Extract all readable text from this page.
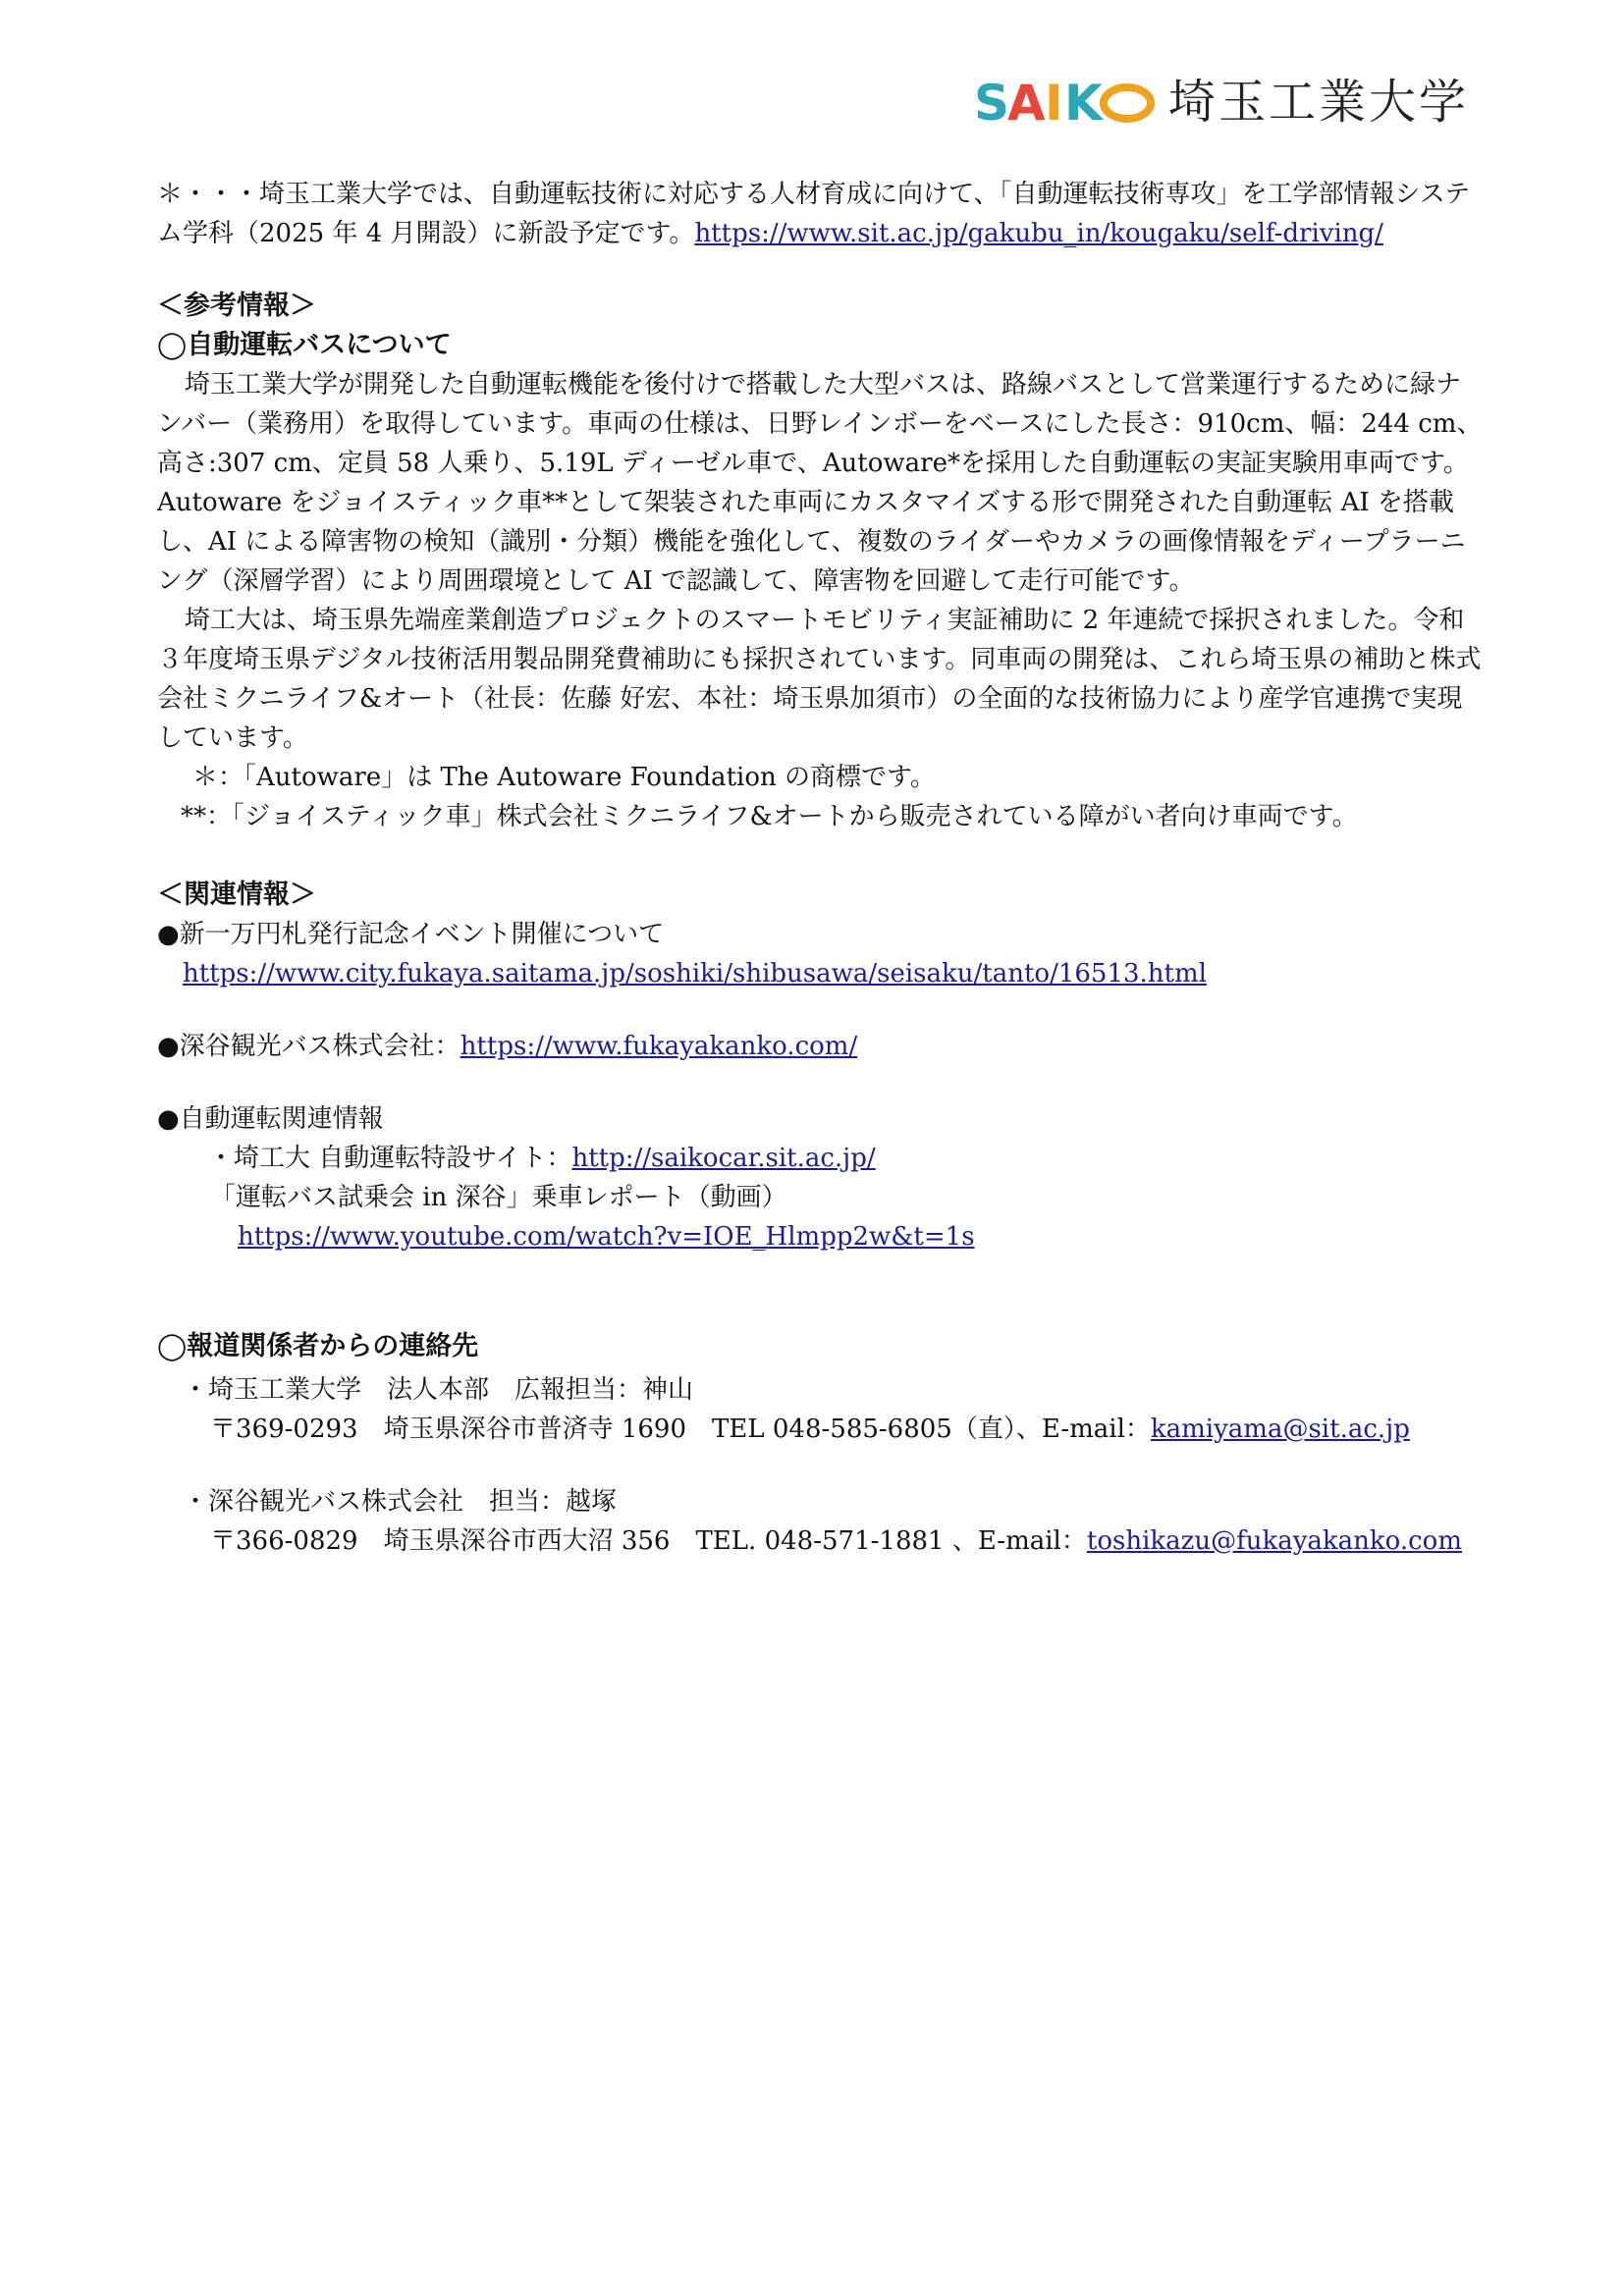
S
A I K 埼玉工業大学

＊・・・埼玉工業大学では、自動運転技術に対応する人材育成に向けて、「自動運転技術専攻」を工学部情報システム学科（2025 年 4 月開設）に新設予定です。https://www.sit.ac.jp/gakubu_in/kougaku/self-driving/

＜参考情報＞

◯自動運転バスについて

埼玉工業大学が開発した自動運転機能を後付けで搭載した大型バスは、路線バスとして営業運行するために緑ナンバー（業務用）を取得しています。車両の仕様は、日野レインボーをベースにした長さ：910cm、幅：244 cm、高さ:307 cm、定員 58 人乗り、5.19L ディーゼル車で、Autoware*を採用した自動運転の実証実験用車両です。Autoware をジョイスティック車**として架装された車両にカスタマイズする形で開発された自動運転 AI を搭載し、AI による障害物の検知（識別・分類）機能を強化して、複数のライダーやカメラの画像情報をディープラーニング（深層学習）により周囲環境として AI で認識して、障害物を回避して走行可能です。

埼工大は、埼玉県先端産業創造プロジェクトのスマートモビリティ実証補助に 2 年連続で採択されました。令和３年度埼玉県デジタル技術活用製品開発費補助にも採択されています。同車両の開発は、これら埼玉県の補助と株式会社ミクニライフ&オート（社長：佐藤 好宏、本社：埼玉県加須市）の全面的な技術協力により産学官連携で実現しています。

＊：「Autoware」は The Autoware Foundation の商標です。

**：「ジョイスティック車」株式会社ミクニライフ&オートから販売されている障がい者向け車両です。

＜関連情報＞

●新一万円札発行記念イベント開催について

https://www.city.fukaya.saitama.jp/soshiki/shibusawa/seisaku/tanto/16513.html

●深谷観光バス株式会社：https://www.fukayakanko.com/

●自動運転関連情報

・埼工大 自動運転特設サイト：http://saikocar.sit.ac.jp/

「運転バス試乗会 in 深谷」乗車レポート（動画）

https://www.youtube.com/watch?v=IOE_Hlmpp2w&t=1s

◯報道関係者からの連絡先

・埼玉工業大学　法人本部　広報担当：神山

〒369-0293　埼玉県深谷市普済寺 1690　TEL 048-585-6805（直）、E-mail：kamiyama@sit.ac.jp

・深谷観光バス株式会社　担当：越塚

〒366-0829　埼玉県深谷市西大沼 356　TEL. 048-571-1881 、E-mail：toshikazu@fukayakanko.com
